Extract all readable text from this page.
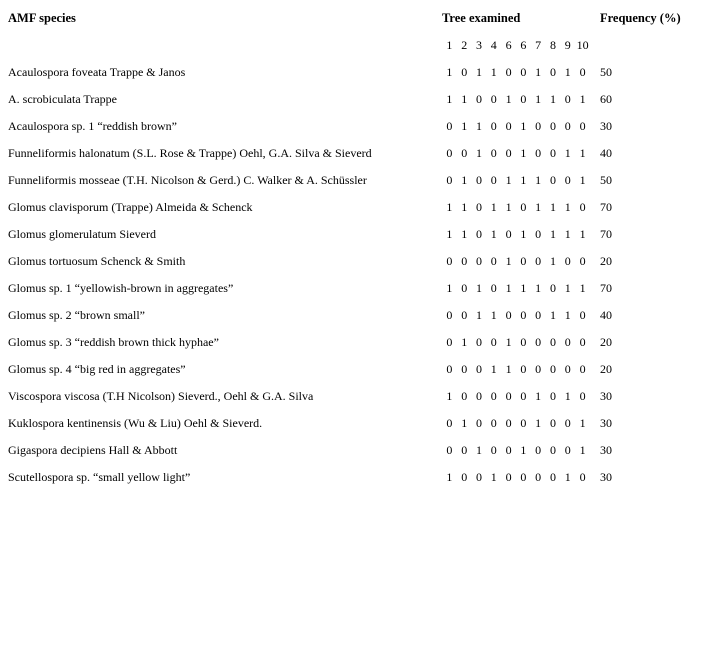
AMF species	Tree examined											Frequency (%)
	1	2	3	4	6	6	7	8	9	10		
Acaulospora foveata Trappe & Janos	1	0	1	1	0	0	1	0	1	0		50
A. scrobiculata Trappe	1	1	0	0	1	0	1	1	0	1		60
Acaulospora sp. 1 “reddish brown”	0	1	1	0	0	1	0	0	0	0		30
Funneliformis halonatum (S.L. Rose & Trappe) Oehl, G.A. Silva & Sieverd	0	0	1	0	0	1	0	0	1	1		40
Funneliformis mosseae (T.H. Nicolson & Gerd.) C. Walker & A. Schüssler	0	1	0	0	1	1	1	0	0	1		50
Glomus clavisporum (Trappe) Almeida & Schenck	1	1	0	1	1	0	1	1	1	0		70
Glomus glomerulatum Sieverd	1	1	0	1	0	1	0	1	1	1		70
Glomus tortuosum Schenck & Smith	0	0	0	0	1	0	0	1	0	0		20
Glomus sp. 1 “yellowish-brown in aggregates”	1	0	1	0	1	1	1	0	1	1		70
Glomus sp. 2 “brown small”	0	0	1	1	0	0	0	1	1	0		40
Glomus sp. 3 “reddish brown thick hyphae”	0	1	0	0	1	0	0	0	0	0		20
Glomus sp. 4 “big red in aggregates”	0	0	0	1	1	0	0	0	0	0		20
Viscospora viscosa (T.H Nicolson) Sieverd., Oehl & G.A. Silva	1	0	0	0	0	0	1	0	1	0		30
Kuklospora kentinensis (Wu & Liu) Oehl & Sieverd.	0	1	0	0	0	0	1	0	0	1		30
Gigaspora decipiens Hall & Abbott	0	0	1	0	0	1	0	0	0	1		30
Scutellospora sp. “small yellow light”	1	0	0	1	0	0	0	0	1	0		30
